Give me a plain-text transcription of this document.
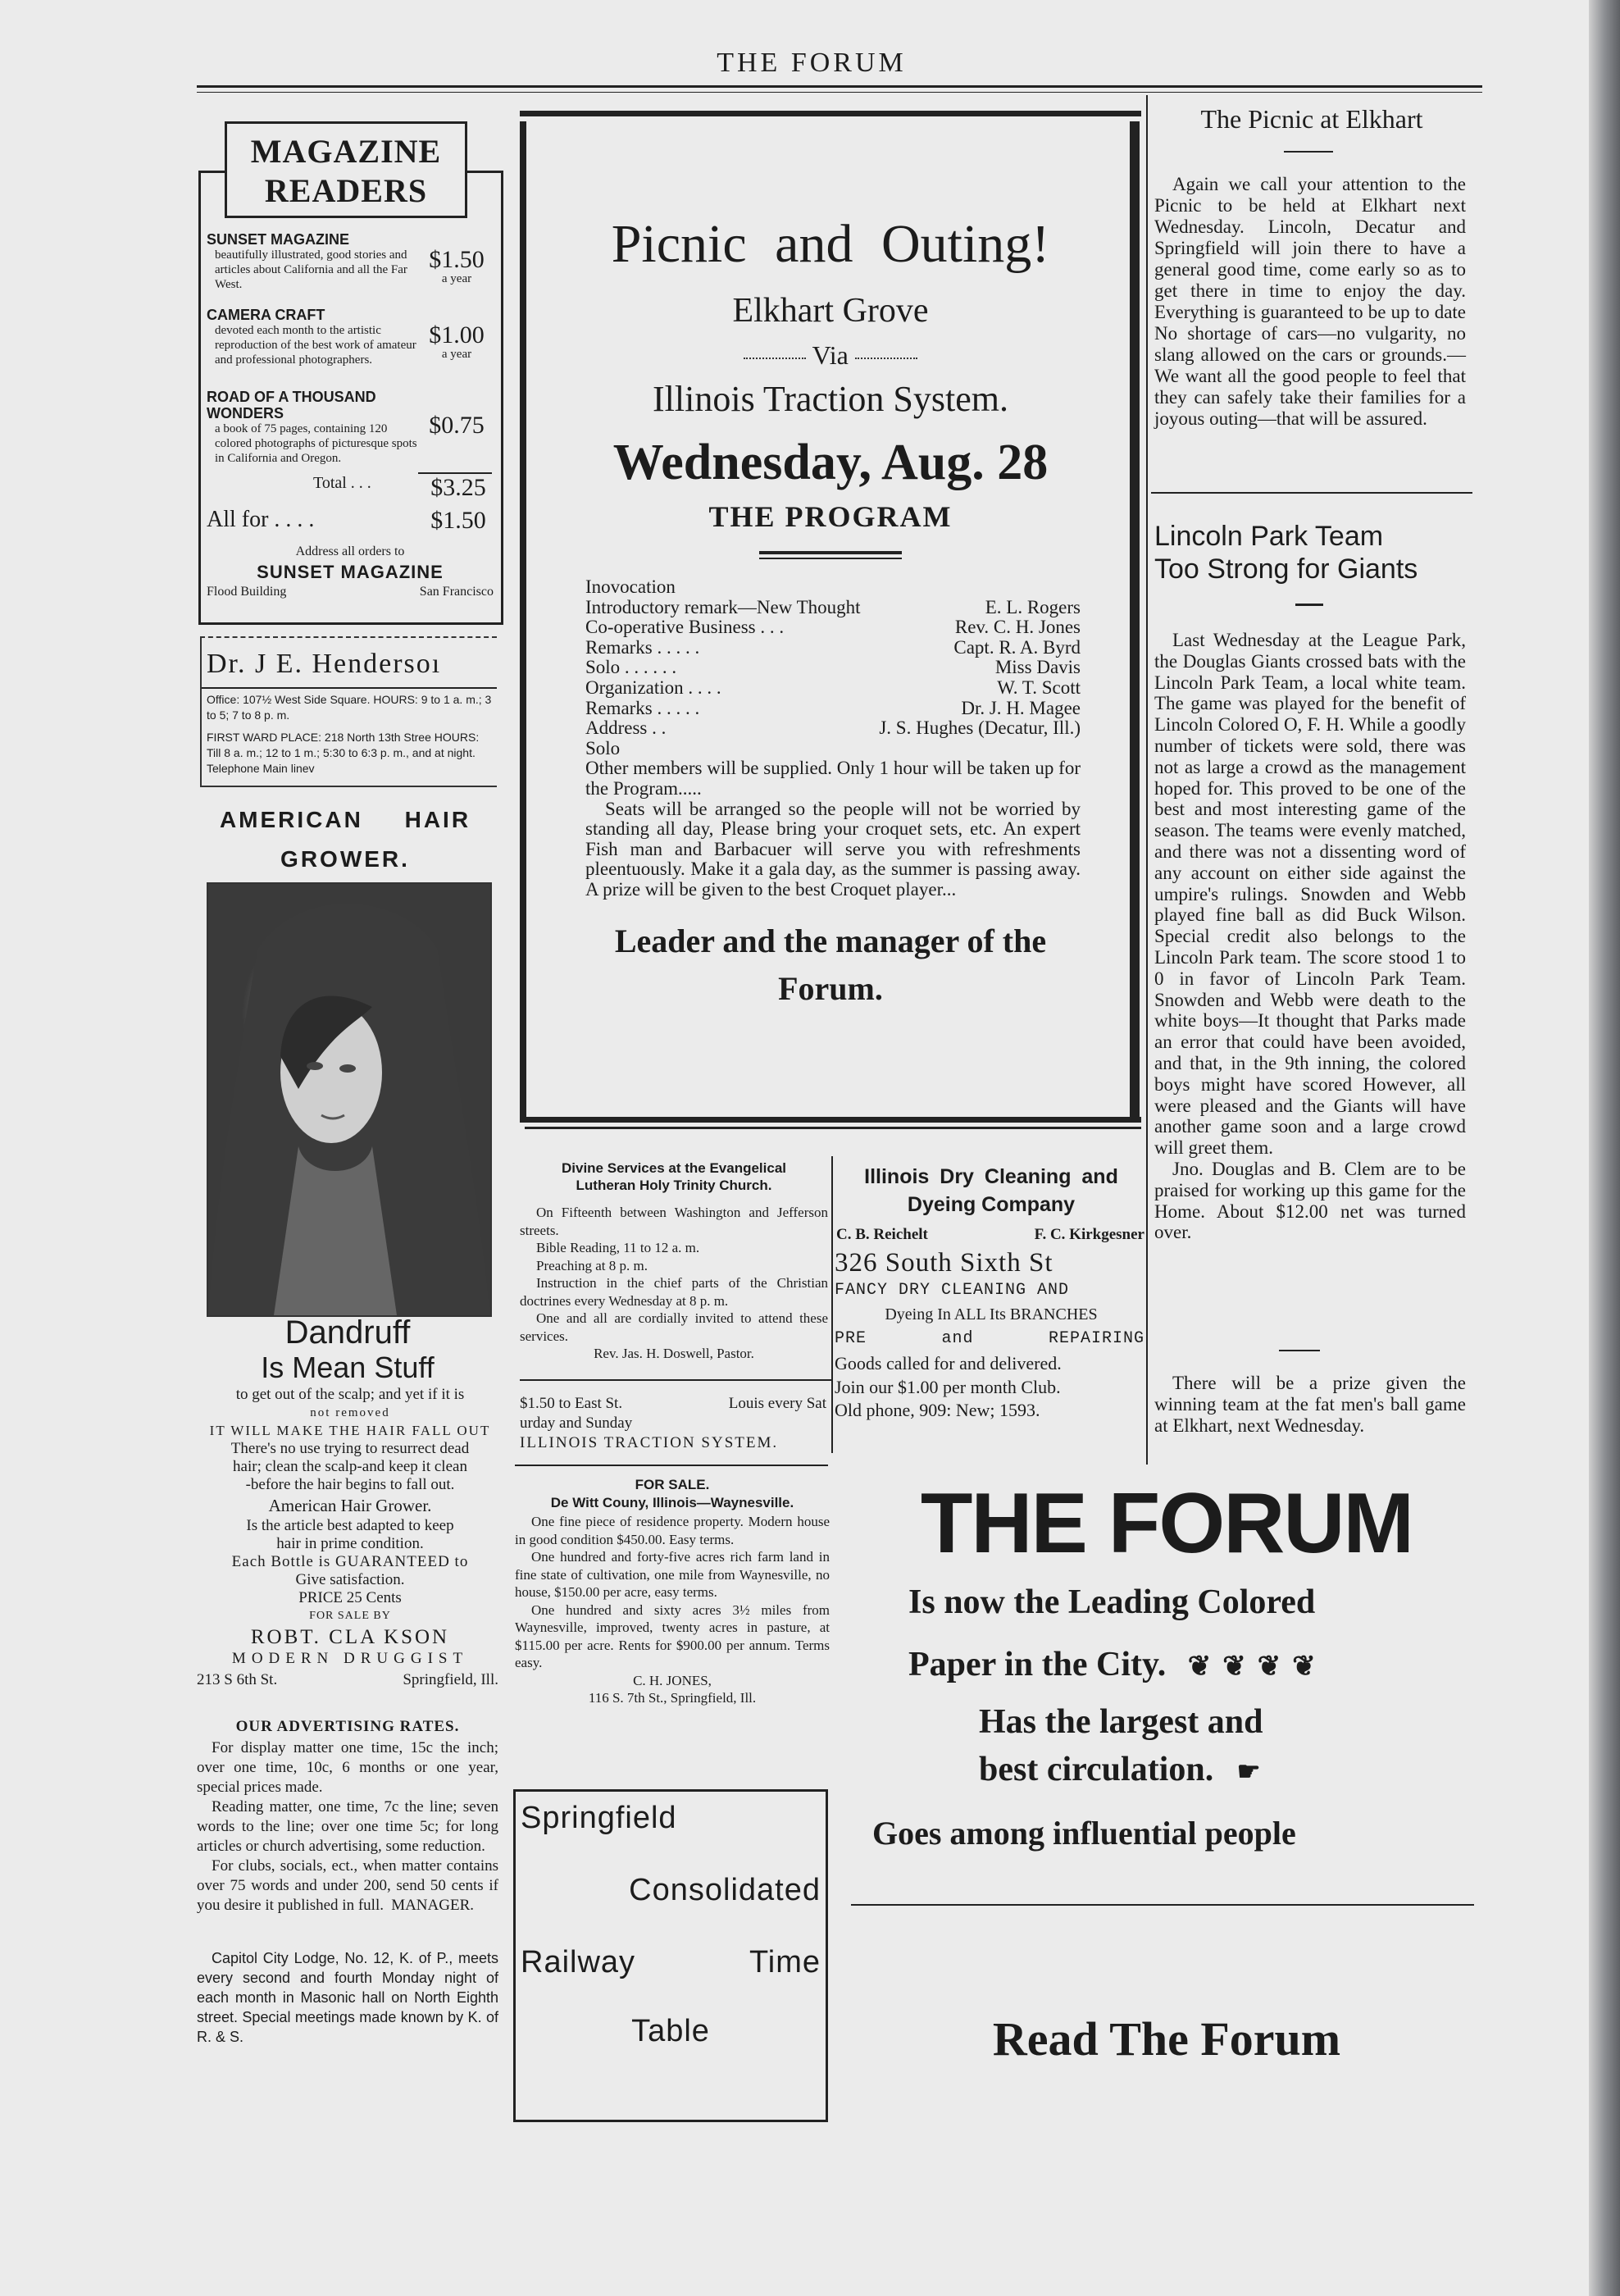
THE FORUM
MAGAZINE
READERS
SUNSET MAGAZINE
beautifully illustrated, good stories and articles about California and all the Far West.
$1.50
a year
CAMERA CRAFT
devoted each month to the artistic reproduction of the best work of amateur and professional photographers.
$1.00
a year
ROAD OF A THOUSAND WONDERS
a book of 75 pages, containing 120 colored photographs of picturesque spots in California and Oregon.
$0.75
Total . . .	$3.25
All for . . . .	$1.50
Address all orders to
SUNSET MAGAZINE
Flood Building	San Francisco
Dr. J E. Hendersoı
Office: 107½ West Side Square. HOURS: 9 to 1 a. m.; 3 to 5; 7 to 8 p. m.
FIRST WARD PLACE: 218 North 13th Stree HOURS: Till 8 a. m.; 12 to 1 m.; 5:30 to 6:3 p. m., and at night. Telephone Main linev
AMERICAN HAIR
GROWER.
Dandruff
Is Mean Stuff
to get out of the scalp; and yet if it is
not removed
IT WILL MAKE THE HAIR FALL OUT
There's no use trying to resurrect dead
hair; clean the scalp-and keep it clean
-before the hair begins to fall out.
American Hair Grower.
Is the article best adapted to keep
hair in prime condition.
Each Bottle is GUARANTEED to
Give satisfaction.
PRICE 25 Cents
FOR SALE BY
ROBT. CLA KSON
MODERN DRUGGIST
213 S 6th St.	Springfield, Ill.
OUR ADVERTISING RATES.

For display matter one time, 15c the inch; over one time, 10c, 6 months or one year, special prices made.

Reading matter, one time, 7c the line; seven words to the line; over one time 5c; for long articles or church advertising, some reduction.

For clubs, socials, ect., when matter contains over 75 words and under 200, send 50 cents if you desire it published in full. MANAGER.
Capitol City Lodge, No. 12, K. of P., meets every second and fourth Monday night of each month in Masonic hall on North Eighth street. Special meetings made known by K. of R. & S.
Picnic and Outing!
Elkhart Grove
Via
Illinois Traction System.
Wednesday, Aug. 28
THE PROGRAM
Inovocation
Introductory remark—New Thought	E. L. Rogers
Co-operative Business . . .	Rev. C. H. Jones
Remarks . . . . .	Capt. R. A. Byrd
Solo . . . . . .	Miss Davis
Organization . . . .	W. T. Scott
Remarks . . . . .	Dr. J. H. Magee
Address . .	J. S. Hughes (Decatur, Ill.)
Solo

Other members will be supplied. Only 1 hour will be taken up for the Program.....

Seats will be arranged so the people will not be worried by standing all day, Please bring your croquet sets, etc. An expert Fish man and Barbacuer will serve you with refreshments pleentuously. Make it a gala day, as the summer is passing away. A prize will be given to the best Croquet player...

Leader and the manager of the
Forum.
Divine Services at the Evangelical
Lutheran Holy Trinity Church.

On Fifteenth between Washington and Jefferson streets.

Bible Reading, 11 to 12 a. m.

Preaching at 8 p. m.

Instruction in the chief parts of the Christian doctrines every Wednesday at 8 p. m.

One and all are cordially invited to attend these services.

Rev. Jas. H. Doswell, Pastor.
$1.50 to East St.	Louis every Sat
urday and Sunday
ILLINOIS TRACTION SYSTEM.
Illinois Dry Cleaning and
Dyeing Company
C. B. Reichelt	F. C. Kirkgesner
326 South Sixth St
FANCY DRY CLEANING AND
Dyeing In ALL Its BRANCHES
PRE	and	REPAIRING
Goods called for and delivered.
Join our $1.00 per month Club.
Old phone, 909: New; 1593.
FOR SALE.
De Witt Couny, Illinois—Waynesville.

One fine piece of residence property. Modern house in good condition $450.00. Easy terms.

One hundred and forty-five acres rich farm land in fine state of cultivation, one mile from Waynesville, no house, $150.00 per acre, easy terms.

One hundred and sixty acres 3½ miles from Waynesville, improved, twenty acres in pasture, at $115.00 per acre. Rents for $900.00 per annum. Terms easy.

C. H. JONES,
116 S. 7th St., Springfield, Ill.
Springfield
Consolidated
Railway	Time
Table
The Picnic at Elkhart
Again we call your attention to the Picnic to be held at Elkhart next Wednesday. Lincoln, Decatur and Springfield will join there to have a general good time, come early so as to get there in time to enjoy the day. Everything is guaranteed to be up to date No shortage of cars—no vulgarity, no slang allowed on the cars or grounds.—We want all the good people to feel that they can safely take their families for a joyous outing—that will be assured.
Lincoln Park Team
Too Strong for Giants

Last Wednesday at the League Park, the Douglas Giants crossed bats with the Lincoln Park Team, a local white team. The game was played for the benefit of Lincoln Colored O, F. H. While a goodly number of tickets were sold, there was not as large a crowd as the management hoped for. This proved to be one of the best and most interesting game of the season. The teams were evenly matched, and there was not a dissenting word of any account on either side against the umpire's rulings. Snowden and Webb played fine ball as did Buck Wilson. Special credit also belongs to the Lincoln Park team. The score stood 1 to 0 in favor of Lincoln Park Team. Snowden and Webb were death to the white boys—It thought that Parks made an error that could have been avoided, and that, in the 9th inning, the colored boys might have scored However, all were pleased and the Giants will have another game soon and a large crowd will greet them.

Jno. Douglas and B. Clem are to be praised for working up this game for the Home. About $12.00 net was turned over.

There will be a prize given the winning team at the fat men's ball game at Elkhart, next Wednesday.
THE FORUM
Is now the Leading Colored
Paper in the City. ❦❦❦❦
Has the largest and
best circulation. ☛
Goes among influential people
Read The Forum
